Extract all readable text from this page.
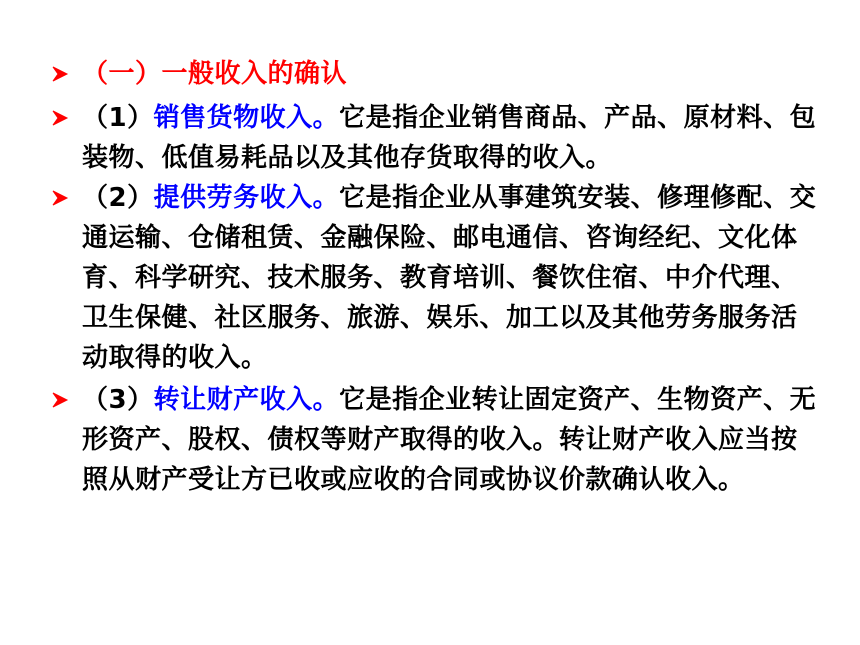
（一）一般收入的确认
（1）销售货物收入。它是指企业销售商品、产品、原材料、包装物、低值易耗品以及其他存货取得的收入。
（2）提供劳务收入。它是指企业从事建筑安装、修理修配、交通运输、仓储租赁、金融保险、邮电通信、咨询经纪、文化体育、科学研究、技术服务、教育培训、餐饮住宿、中介代理、卫生保健、社区服务、旅游、娱乐、加工以及其他劳务服务活动取得的收入。
（3）转让财产收入。它是指企业转让固定资产、生物资产、无形资产、股权、债权等财产取得的收入。转让财产收入应当按照从财产受让方已收或应收的合同或协议价款确认收入。
